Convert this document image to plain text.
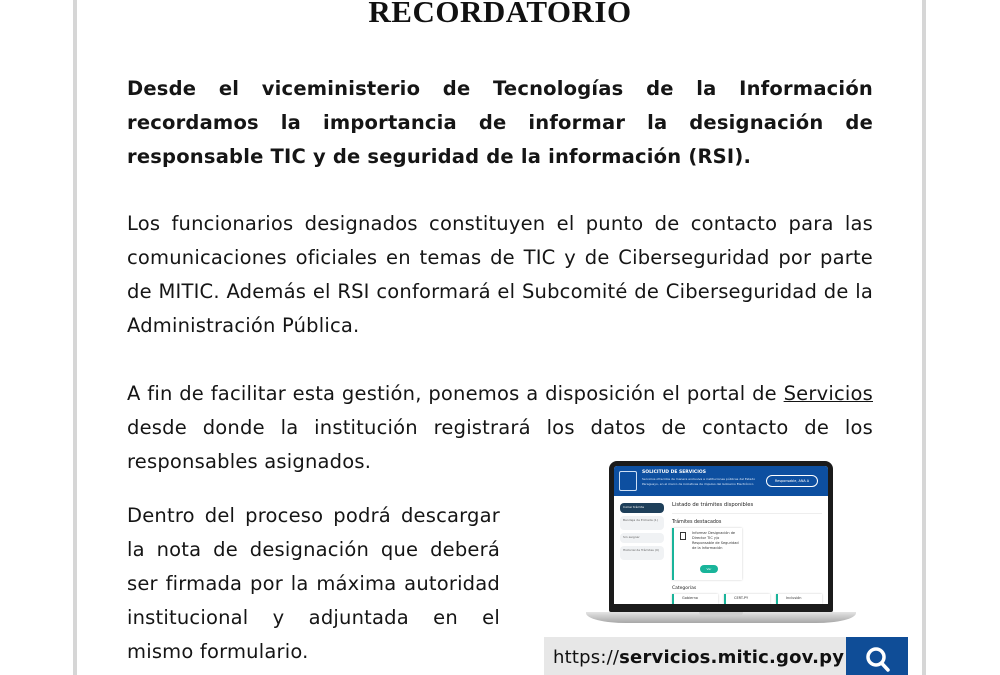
RECORDATORIO

Desde el viceministerio de Tecnologías de la Información recordamos la importancia de informar la designación de responsable TIC y de seguridad de la información (RSI).

Los funcionarios designados constituyen el punto de contacto para las comunicaciones oficiales en temas de TIC y de Ciberseguridad por parte de MITIC. Además el RSI conformará el Subcomité de Ciberseguridad de la Administración Pública.

A fin de facilitar esta gestión, ponemos a disposición el portal de Servicios desde donde la institución registrará los datos de contacto de los responsables asignados.

Dentro del proceso podrá descargar la nota de designación que deberá ser firmada por la máxima autoridad institucional y adjuntada en el mismo formulario.

SOLICITUD DE SERVICIOS
Servicios ofrecidos de manera exclusiva a instituciones públicas del Estado Paraguayo, en el marco de iniciativas de impulso del Gobierno Electrónico
Responsable, ANA A
Iniciar trámite
Bandeja de Entrada (1)
Sin asignar
Historial de Trámites (0)
Listado de trámites disponibles
Trámites destacados
Informar Designación de Director TIC y/o Responsable de Seguridad de la Información
Ver
Categorías
Gobierno	CERT-PY	Inclusión
https://servicios.mitic.gov.py
